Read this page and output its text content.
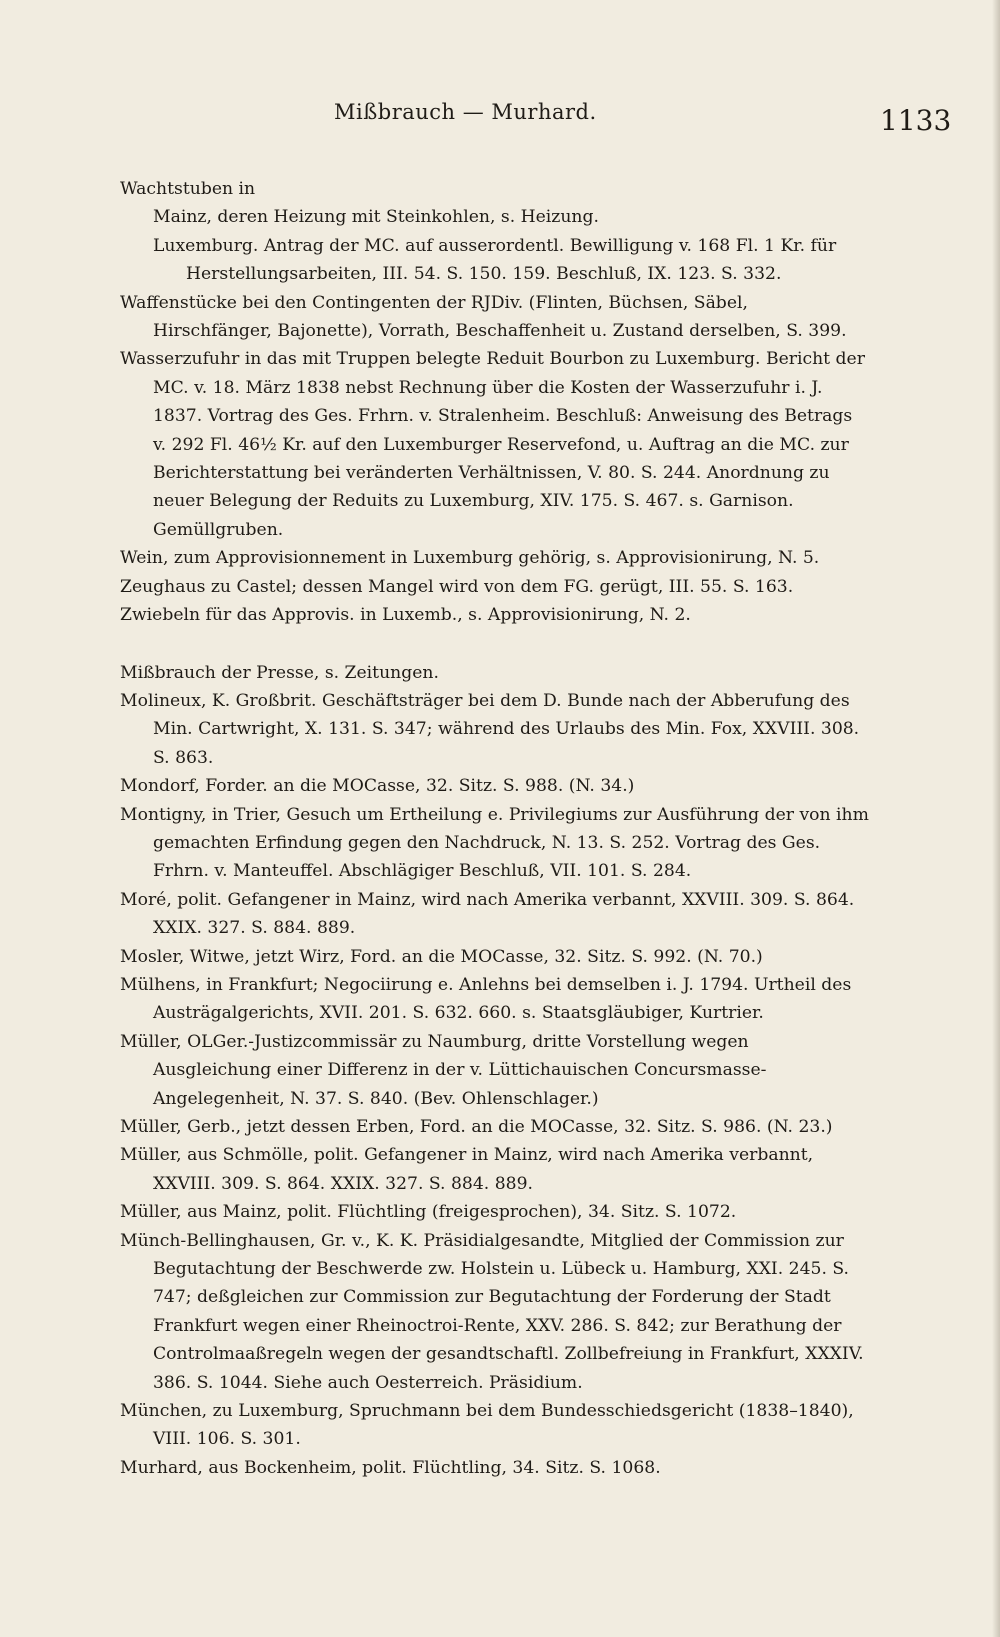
Mißbrauch — Murhard.	1133

Wachtstuben in

Mainz, deren Heizung mit Steinkohlen, s. Heizung.

Luxemburg. Antrag der MC. auf ausserordentl. Bewilligung v. 168 Fl. 1 Kr. für Herstellungsarbeiten, III. 54. S. 150. 159. Beschluß, IX. 123. S. 332.

Waffenstücke bei den Contingenten der RJDiv. (Flinten, Büchsen, Säbel, Hirschfänger, Bajonette), Vorrath, Beschaffenheit u. Zustand derselben, S. 399.

Wasserzufuhr in das mit Truppen belegte Reduit Bourbon zu Luxemburg. Bericht der MC. v. 18. März 1838 nebst Rechnung über die Kosten der Wasserzufuhr i. J. 1837. Vortrag des Ges. Frhrn. v. Stralenheim. Beschluß: Anweisung des Betrags v. 292 Fl. 46½ Kr. auf den Luxemburger Reservefond, u. Auftrag an die MC. zur Berichterstattung bei veränderten Verhältnissen, V. 80. S. 244. Anordnung zu neuer Belegung der Reduits zu Luxemburg, XIV. 175. S. 467. s. Garnison. Gemüllgruben.

Wein, zum Approvisionnement in Luxemburg gehörig, s. Approvisionirung, N. 5.

Zeughaus zu Castel; dessen Mangel wird von dem FG. gerügt, III. 55. S. 163.

Zwiebeln für das Approvis. in Luxemb., s. Approvisionirung, N. 2.

Mißbrauch der Presse, s. Zeitungen.

Molineux, K. Großbrit. Geschäftsträger bei dem D. Bunde nach der Abberufung des Min. Cartwright, X. 131. S. 347; während des Urlaubs des Min. Fox, XXVIII. 308. S. 863.

Mondorf, Forder. an die MOCasse, 32. Sitz. S. 988. (N. 34.)

Montigny, in Trier, Gesuch um Ertheilung e. Privilegiums zur Ausführung der von ihm gemachten Erfindung gegen den Nachdruck, N. 13. S. 252. Vortrag des Ges. Frhrn. v. Manteuffel. Abschlägiger Beschluß, VII. 101. S. 284.

Moré, polit. Gefangener in Mainz, wird nach Amerika verbannt, XXVIII. 309. S. 864. XXIX. 327. S. 884. 889.

Mosler, Witwe, jetzt Wirz, Ford. an die MOCasse, 32. Sitz. S. 992. (N. 70.)

Mülhens, in Frankfurt; Negociirung e. Anlehns bei demselben i. J. 1794. Urtheil des Austrägalgerichts, XVII. 201. S. 632. 660. s. Staatsgläubiger, Kurtrier.

Müller, OLGer.-Justizcommissär zu Naumburg, dritte Vorstellung wegen Ausgleichung einer Differenz in der v. Lüttichauischen Concursmasse-Angelegenheit, N. 37. S. 840. (Bev. Ohlenschlager.)

Müller, Gerb., jetzt dessen Erben, Ford. an die MOCasse, 32. Sitz. S. 986. (N. 23.)

Müller, aus Schmölle, polit. Gefangener in Mainz, wird nach Amerika verbannt, XXVIII. 309. S. 864. XXIX. 327. S. 884. 889.

Müller, aus Mainz, polit. Flüchtling (freigesprochen), 34. Sitz. S. 1072.

Münch-Bellinghausen, Gr. v., K. K. Präsidialgesandte, Mitglied der Commission zur Begutachtung der Beschwerde zw. Holstein u. Lübeck u. Hamburg, XXI. 245. S. 747; deßgleichen zur Commission zur Begutachtung der Forderung der Stadt Frankfurt wegen einer Rheinoctroi-Rente, XXV. 286. S. 842; zur Berathung der Controlmaaßregeln wegen der gesandtschaftl. Zollbefreiung in Frankfurt, XXXIV. 386. S. 1044. Siehe auch Oesterreich. Präsidium.

München, zu Luxemburg, Spruchmann bei dem Bundesschiedsgericht (1838–1840), VIII. 106. S. 301.

Murhard, aus Bockenheim, polit. Flüchtling, 34. Sitz. S. 1068.
